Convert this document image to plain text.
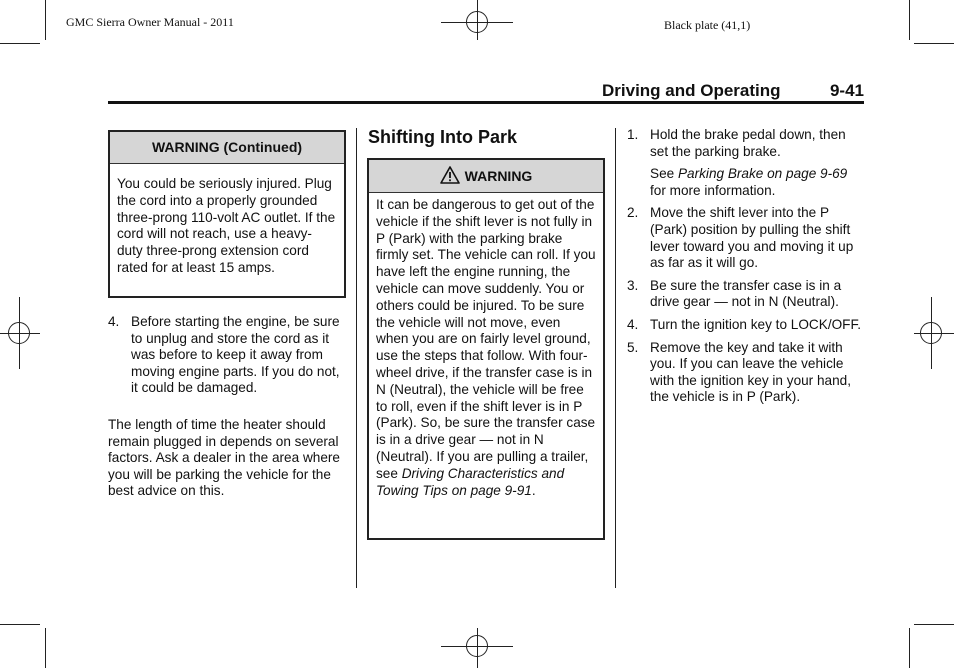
GMC Sierra Owner Manual - 2011	Black plate (41,1)
Driving and Operating	9-41
WARNING (Continued)
You could be seriously injured. Plug the cord into a properly grounded three-prong 110-volt AC outlet. If the cord will not reach, use a heavy-duty three-prong extension cord rated for at least 15 amps.
4. Before starting the engine, be sure to unplug and store the cord as it was before to keep it away from moving engine parts. If you do not, it could be damaged.
The length of time the heater should remain plugged in depends on several factors. Ask a dealer in the area where you will be parking the vehicle for the best advice on this.
Shifting Into Park
WARNING
It can be dangerous to get out of the vehicle if the shift lever is not fully in P (Park) with the parking brake firmly set. The vehicle can roll. If you have left the engine running, the vehicle can move suddenly. You or others could be injured. To be sure the vehicle will not move, even when you are on fairly level ground, use the steps that follow. With four-wheel drive, if the transfer case is in N (Neutral), the vehicle will be free to roll, even if the shift lever is in P (Park). So, be sure the transfer case is in a drive gear — not in N (Neutral). If you are pulling a trailer, see Driving Characteristics and Towing Tips on page 9-91.
1. Hold the brake pedal down, then set the parking brake.
See Parking Brake on page 9-69 for more information.
2. Move the shift lever into the P (Park) position by pulling the shift lever toward you and moving it up as far as it will go.
3. Be sure the transfer case is in a drive gear — not in N (Neutral).
4. Turn the ignition key to LOCK/OFF.
5. Remove the key and take it with you. If you can leave the vehicle with the ignition key in your hand, the vehicle is in P (Park).
